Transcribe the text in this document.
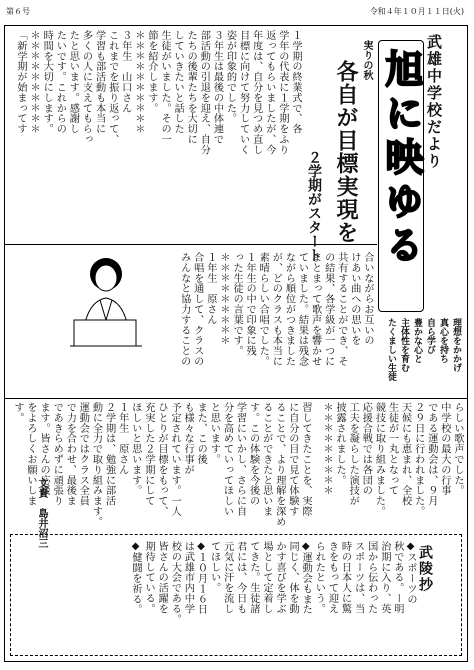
第６号	令和４年１０月１１日(火)
武雄中学校だより
旭に映ゆる
理想をかかげ
真心を持ち
自ら学び
豊かな心と
主体性を育む
たくましい生徒
実りの秋
各自が目標実現を
２学期がスタート
１学期の終業式で、各
学年の代表に１学期をふり
返ってもらいましたが、今
年度は、自分を見つめ直し
目標に向けて努力していく
姿が印象的でした。
３年生は最後の中体連で
部活動の引退を迎え、自分
たちの後輩たちを大切に
していきたいと話した
生徒がいました。その一
節を紹介します。
＊＊＊＊＊＊＊＊＊＊
３年生　山口さん
これまでを振り返って、
学習も部活動も本当に
多くの人に支えてもらっ
たと思います。感謝し
たいです。これからの
時間を大切にします。
＊＊＊＊＊＊＊＊＊＊
「新学期が始まってす
合いながらお互いの
けあい曲への思いを
共有することができ、そ
の結果、各学級が一つに
まとまって歌声を響かせ
ていました。結果は残念
ながら順位がつきました
が、どのクラスも本当に
素晴らしい合唱でした。
１年生の中で印象に残
った生徒の言葉です。
＊＊＊＊＊＊＊＊＊
１年生　原さん
合唱を通して、クラスの
みんなと協力することの
習してきたことを、実際
に自分の目で見て体験す
ることで、より理解を深め
ることができたと思いま
す。この体験を今後の
学習にいかし、さらに自
分を高めていってほしい
と思います。
また、この後
も様々な行事が
予定されています。一人
ひとりが目標をもって、
充実した２学期にして
ほしいと思います。
１年生　原さん
２学期は、勉強に部活
動に全力で取り組みます。
運動会ではクラス全員
で力を合わせ、最後ま
であきらめずに頑張り
ます。皆さんの応援
をよろしくお願いしま
す。	らしい歌声でした。
中学校の最大の行事
である運動会は、９月
２９日に行われました。
天候にも恵まれ、全校
生徒が一丸となって
競技に取り組みました。
応援合戦では各団の
工夫を凝らした演技が
披露されました。
＊＊＊＊＊＊＊＊＊
文責　島井沼三
武陵抄
◆スポーツの
秋である。ー明
治期に入り、英
国から伝わった
スポーツは、当
時の日本人に驚
きをもって迎え
られたという。
◆運動会もまた
同じく、体を動
かす喜びを学ぶ
場として定着し
てきた。生徒諸
君には、今日も
元気に汗を流し
てほしい。
◆１０月１６日
は武雄市内中学
校の大会である。
皆さんの活躍を
期待している。
◆健闘を祈る。
